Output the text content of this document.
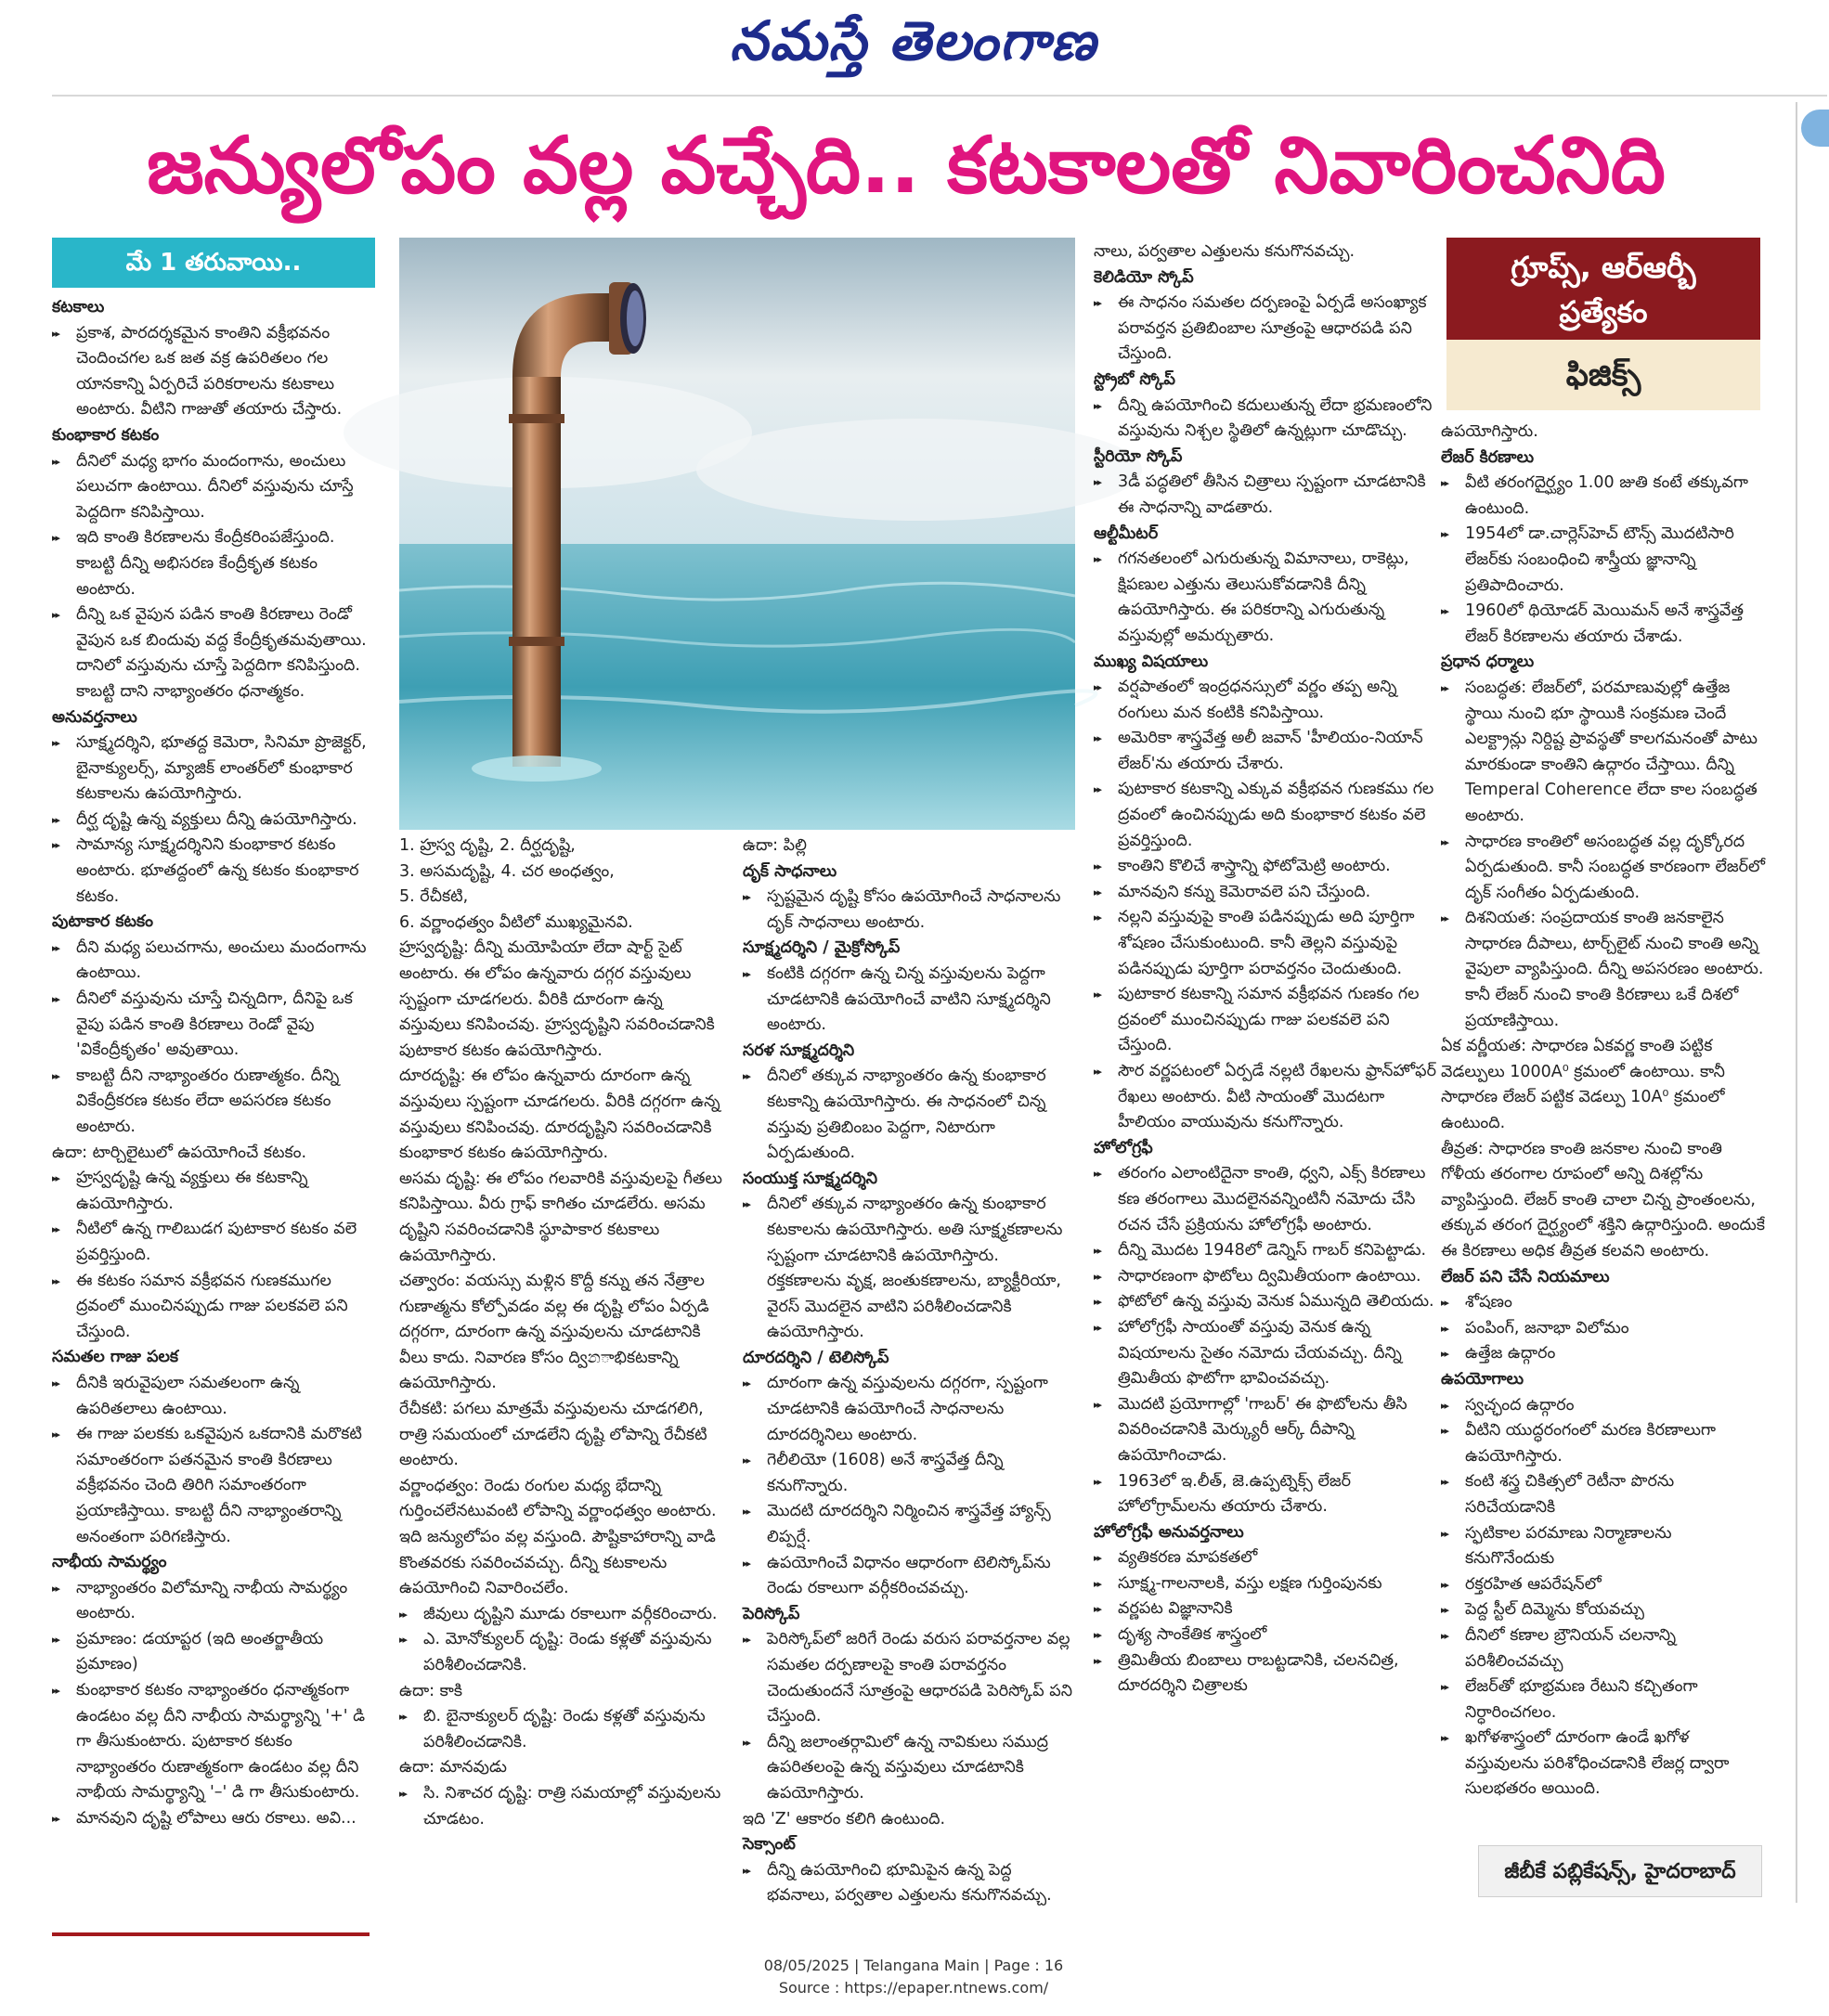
నమస్తే తెలంగాణ
జన్యులోపం వల్ల వచ్చేది.. కటకాలతో నివారించనిది
మే 1 తరువాయి..

కటకాలు

▸▸ ప్రకాశ, పారదర్శకమైన కాంతిని వక్రీభవనం చెందించగల ఒక జత వక్ర ఉపరితలం గల యానకాన్ని ఏర్పరిచే పరికరాలను కటకాలు అంటారు. వీటిని గాజుతో తయారు చేస్తారు.

కుంభాకార కటకం

▸▸ దీనిలో మధ్య భాగం మందంగాను, అంచులు పలుచగా ఉంటాయి. దీనిలో వస్తువును చూస్తే పెద్దదిగా కనిపిస్తాయి.

▸▸ ఇది కాంతి కిరణాలను కేంద్రీకరింపజేస్తుంది. కాబట్టి దీన్ని అభిసరణ కేంద్రీకృత కటకం అంటారు.

▸▸ దీన్ని ఒక వైపున పడిన కాంతి కిరణాలు రెండో వైపున ఒక బిందువు వద్ద కేంద్రీకృతమవుతాయి. దానిలో వస్తువును చూస్తే పెద్దదిగా కనిపిస్తుంది. కాబట్టి దాని నాభ్యాంతరం ధనాత్మకం.

అనువర్తనాలు

▸▸ సూక్ష్మదర్శిని, భూతద్ద కెమెరా, సినిమా ప్రొజెక్టర్, బైనాక్యులర్స్, మ్యాజిక్ లాంతర్‌లో కుంభాకార కటకాలను ఉపయోగిస్తారు.

▸▸ దీర్ఘ దృష్టి ఉన్న వ్యక్తులు దీన్ని ఉపయోగిస్తారు.

▸▸ సామాన్య సూక్ష్మదర్శినిని కుంభాకార కటకం అంటారు. భూతద్దంలో ఉన్న కటకం కుంభాకార కటకం.

పుటాకార కటకం

▸▸ దీని మధ్య పలుచగాను, అంచులు మందంగాను ఉంటాయి.

▸▸ దీనిలో వస్తువును చూస్తే చిన్నదిగా, దీనిపై ఒక వైపు పడిన కాంతి కిరణాలు రెండో వైపు 'వికేంద్రీకృతం' అవుతాయి.

▸▸ కాబట్టి దీని నాభ్యాంతరం రుణాత్మకం. దీన్ని వికేంద్రీకరణ కటకం లేదా అపసరణ కటకం అంటారు.

ఉదా: టార్చిలైటులో ఉపయోగించే కటకం.

▸▸ హ్రస్వదృష్టి ఉన్న వ్యక్తులు ఈ కటకాన్ని ఉపయోగిస్తారు.

▸▸ నీటిలో ఉన్న గాలిబుడగ పుటాకార కటకం వలె ప్రవర్తిస్తుంది.

▸▸ ఈ కటకం సమాన వక్రీభవన గుణకముగల ద్రవంలో ముంచినప్పుడు గాజు పలకవలె పని చేస్తుంది.

సమతల గాజు పలక

▸▸ దీనికి ఇరువైపులా సమతలంగా ఉన్న ఉపరితలాలు ఉంటాయి.

▸▸ ఈ గాజు పలకకు ఒకవైపున ఒకదానికి మరొకటి సమాంతరంగా పతనమైన కాంతి కిరణాలు వక్రీభవనం చెంది తిరిగి సమాంతరంగా ప్రయాణిస్తాయి. కాబట్టి దీని నాభ్యాంతరాన్ని అనంతంగా పరిగణిస్తారు.

నాభీయ సామర్థ్యం

▸▸ నాభ్యాంతరం విలోమాన్ని నాభీయ సామర్థ్యం అంటారు.

▸▸ ప్రమాణం: డయాప్టర (ఇది అంతర్జాతీయ ప్రమాణం)

▸▸ కుంభాకార కటకం నాభ్యాంతరం ధనాత్మకంగా ఉండటం వల్ల దీని నాభీయ సామర్థ్యాన్ని '+' డి గా తీసుకుంటారు. పుటాకార కటకం నాభ్యాంతరం రుణాత్మకంగా ఉండటం వల్ల దీని నాభీయ సామర్థ్యాన్ని '–' డి గా తీసుకుంటారు.

▸▸ మానవుని దృష్టి లోపాలు ఆరు రకాలు. అవి...

1. హ్రస్వ దృష్టి, 2. దీర్ఘదృష్టి,

3. అసమదృష్టి, 4. చర అంధత్వం,

5. రేచీకటి,

6. వర్ణాంధత్వం వీటిలో ముఖ్యమైనవి.

హ్రస్వదృష్టి: దీన్ని మయోపియా లేదా షార్ట్ సైట్ అంటారు. ఈ లోపం ఉన్నవారు దగ్గర వస్తువులు స్పష్టంగా చూడగలరు. వీరికి దూరంగా ఉన్న వస్తువులు కనిపించవు. హ్రస్వదృష్టిని సవరించడానికి పుటాకార కటకం ఉపయోగిస్తారు.

దూరదృష్టి: ఈ లోపం ఉన్నవారు దూరంగా ఉన్న వస్తువులు స్పష్టంగా చూడగలరు. వీరికి దగ్గరగా ఉన్న వస్తువులు కనిపించవు. దూరదృష్టిని సవరించడానికి కుంభాకార కటకం ఉపయోగిస్తారు.

అసమ దృష్టి: ఈ లోపం గలవారికి వస్తువులపై గీతలు కనిపిస్తాయి. వీరు గ్రాఫ్ కాగితం చూడలేరు. అసమ దృష్టిని సవరించడానికి స్థూపాకార కటకాలు ఉపయోగిస్తారు.

చత్వారం: వయస్సు మళ్లిన కొద్దీ కన్ను తన నేత్రాల గుణాత్మను కోల్పోవడం వల్ల ఈ దృష్టి లోపం ఏర్పడి దగ్గరగా, దూరంగా ఉన్న వస్తువులను చూడటానికి వీలు కాదు. నివారణ కోసం ద్విනాభికటకాన్ని ఉపయోగిస్తారు.

రేచీకటి: పగలు మాత్రమే వస్తువులను చూడగలిగి, రాత్రి సమయంలో చూడలేని దృష్టి లోపాన్ని రేచీకటి అంటారు.

వర్ణాంధత్వం: రెండు రంగుల మధ్య భేదాన్ని గుర్తించలేనటువంటి లోపాన్ని వర్ణాంధత్వం అంటారు. ఇది జన్యులోపం వల్ల వస్తుంది. పౌష్టికాహారాన్ని వాడి కొంతవరకు సవరించవచ్చు. దీన్ని కటకాలను ఉపయోగించి నివారించలేం.

▸▸ జీవులు దృష్టిని మూడు రకాలుగా వర్గీకరించారు.

▸▸ ఎ. మోనోక్యులర్ దృష్టి: రెండు కళ్లతో వస్తువును పరిశీలించడానికి.

ఉదా: కాకి

▸▸ బి. బైనాక్యులర్ దృష్టి: రెండు కళ్లతో వస్తువును పరిశీలించడానికి.

ఉదా: మానవుడు

▸▸ సి. నిశాచర దృష్టి: రాత్రి సమయాల్లో వస్తువులను చూడటం.

ఉదా: పిల్లి

దృక్ సాధనాలు

▸▸ స్పష్టమైన దృష్టి కోసం ఉపయోగించే సాధనాలను దృక్ సాధనాలు అంటారు.

సూక్ష్మదర్శిని / మైక్రోస్కోప్

▸▸ కంటికి దగ్గరగా ఉన్న చిన్న వస్తువులను పెద్దగా చూడటానికి ఉపయోగించే వాటిని సూక్ష్మదర్శిని అంటారు.

సరళ సూక్ష్మదర్శిని

▸▸ దీనిలో తక్కువ నాభ్యాంతరం ఉన్న కుంభాకార కటకాన్ని ఉపయోగిస్తారు. ఈ సాధనంలో చిన్న వస్తువు ప్రతిబింబం పెద్దగా, నిటారుగా ఏర్పడుతుంది.

సంయుక్త సూక్ష్మదర్శిని

▸▸ దీనిలో తక్కువ నాభ్యాంతరం ఉన్న కుంభాకార కటకాలను ఉపయోగిస్తారు. అతి సూక్ష్మకణాలను స్పష్టంగా చూడటానికి ఉపయోగిస్తారు. రక్తకణాలను వృక్ష, జంతుకణాలను, బ్యాక్టీరియా, వైరస్ మొదలైన వాటిని పరిశీలించడానికి ఉపయోగిస్తారు.

దూరదర్శిని / టెలిస్కోప్

▸▸ దూరంగా ఉన్న వస్తువులను దగ్గరగా, స్పష్టంగా చూడటానికి ఉపయోగించే సాధనాలను దూరదర్శినిలు అంటారు.

▸▸ గెలీలియో (1608) అనే శాస్త్రవేత్త దీన్ని కనుగొన్నారు.

▸▸ మొదటి దూరదర్శిని నిర్మించిన శాస్త్రవేత్త హ్యాన్స్ లిప్పర్షే.

▸▸ ఉపయోగించే విధానం ఆధారంగా టెలిస్కోప్‌ను రెండు రకాలుగా వర్గీకరించవచ్చు.

పెరిస్కోప్

▸▸ పెరిస్కోప్‌లో జరిగే రెండు వరుస పరావర్తనాల వల్ల సమతల దర్పణాలపై కాంతి పరావర్తనం చెందుతుందనే సూత్రంపై ఆధారపడి పెరిస్కోప్ పని చేస్తుంది.

▸▸ దీన్ని జలాంతర్గామిలో ఉన్న నావికులు సముద్ర ఉపరితలంపై ఉన్న వస్తువులు చూడటానికి ఉపయోగిస్తారు.

ఇది 'Z' ఆకారం కలిగి ఉంటుంది.

సెక్సాంట్

▸▸ దీన్ని ఉపయోగించి భూమిపైన ఉన్న పెద్ద భవనాలు, పర్వతాల ఎత్తులను కనుగొనవచ్చు.

నాలు, పర్వతాల ఎత్తులను కనుగొనవచ్చు.

కెలిడియో స్కోప్

▸▸ ఈ సాధనం సమతల దర్పణంపై ఏర్పడే అసంఖ్యాక పరావర్తన ప్రతిబింబాల సూత్రంపై ఆధారపడి పని చేస్తుంది.

స్ట్రోబో స్కోప్

▸▸ దీన్ని ఉపయోగించి కదులుతున్న లేదా భ్రమణంలోని వస్తువును నిశ్చల స్థితిలో ఉన్నట్లుగా చూడొచ్చు.

స్టీరియో స్కోప్

▸▸ 3డీ పద్ధతిలో తీసిన చిత్రాలు స్పష్టంగా చూడటానికి ఈ సాధనాన్ని వాడతారు.

ఆల్టీమీటర్

▸▸ గగనతలంలో ఎగురుతున్న విమానాలు, రాకెట్లు, క్షిపణుల ఎత్తును తెలుసుకోవడానికి దీన్ని ఉపయోగిస్తారు. ఈ పరికరాన్ని ఎగురుతున్న వస్తువుల్లో అమర్చుతారు.

ముఖ్య విషయాలు

▸▸ వర్షపాతంలో ఇంద్రధనస్సులో వర్ణం తప్ప అన్ని రంగులు మన కంటికి కనిపిస్తాయి.

▸▸ అమెరికా శాస్త్రవేత్త అలీ జవాన్ 'హీలియం-నియాన్ లేజర్'ను తయారు చేశారు.

▸▸ పుటాకార కటకాన్ని ఎక్కువ వక్రీభవన గుణకము గల ద్రవంలో ఉంచినప్పుడు అది కుంభాకార కటకం వలె ప్రవర్తిస్తుంది.

▸▸ కాంతిని కొలిచే శాస్త్రాన్ని ఫోటోమెట్రి అంటారు.

▸▸ మానవుని కన్ను కెమెరావలె పని చేస్తుంది.

▸▸ నల్లని వస్తువుపై కాంతి పడినప్పుడు అది పూర్తిగా శోషణం చేసుకుంటుంది. కానీ తెల్లని వస్తువుపై పడినప్పుడు పూర్తిగా పరావర్తనం చెందుతుంది.

▸▸ పుటాకార కటకాన్ని సమాన వక్రీభవన గుణకం గల ద్రవంలో ముంచినప్పుడు గాజు పలకవలె పని చేస్తుంది.

▸▸ సౌర వర్ణపటంలో ఏర్పడే నల్లటి రేఖలను ఫ్రాన్‌హోఫర్ రేఖలు అంటారు. వీటి సాయంతో మొదటగా హీలియం వాయువును కనుగొన్నారు.

హోలోగ్రఫీ

▸▸ తరంగం ఎలాంటిదైనా కాంతి, ధ్వని, ఎక్స్ కిరణాలు కణ తరంగాలు మొదలైనవన్నింటినీ నమోదు చేసి రచన చేసే ప్రక్రియను హోలోగ్రఫీ అంటారు.

▸▸ దీన్ని మొదట 1948లో డెన్నిస్ గాబర్ కనిపెట్టాడు.

▸▸ సాధారణంగా ఫొటోలు ద్విమితీయంగా ఉంటాయి.

▸▸ ఫోటోలో ఉన్న వస్తువు వెనుక ఏమున్నది తెలియదు.

▸▸ హోలోగ్రఫీ సాయంతో వస్తువు వెనుక ఉన్న విషయాలను సైతం నమోదు చేయవచ్చు. దీన్ని త్రిమితీయ ఫొటోగా భావించవచ్చు.

▸▸ మొదటి ప్రయోగాల్లో 'గాబర్' ఈ ఫొటోలను తీసి వివరించడానికి మెర్క్యురీ ఆర్క్ దీపాన్ని ఉపయోగించాడు.

▸▸ 1963లో ఇ.లీత్, జె.ఉప్పట్నెక్స్ లేజర్ హోలోగ్రామ్‌లను తయారు చేశారు.

హోలోగ్రఫీ అనువర్తనాలు

▸▸ వ్యతికరణ మాపకతలో

▸▸ సూక్ష్మ-గాలనాలకి, వస్తు లక్షణ గుర్తింపునకు

▸▸ వర్ణపట విజ్ఞానానికి

▸▸ దృశ్య సాంకేతిక శాస్త్రంలో

▸▸ త్రిమితీయ బింబాలు రాబట్టడానికి, చలనచిత్ర, దూరదర్శిని చిత్రాలకు

ఉపయోగిస్తారు.

లేజర్ కిరణాలు

▸▸ వీటి తరంగదైర్ఘ్యం 1.00 జుతి కంటే తక్కువగా ఉంటుంది.

▸▸ 1954లో డా.చార్లెస్‌హెచ్ టౌన్స్ మొదటిసారి లేజర్‌కు సంబంధించి శాస్త్రీయ జ్ఞానాన్ని ప్రతిపాదించారు.

▸▸ 1960లో థియోడర్ మెయిమన్ అనే శాస్త్రవేత్త లేజర్ కిరణాలను తయారు చేశాడు.

ప్రధాన ధర్మాలు

▸▸ సంబద్ధత: లేజర్‌లో, పరమాణువుల్లో ఉత్తేజ స్థాయి నుంచి భూ స్థాయికి సంక్రమణ చెందే ఎలక్ట్రాన్లు నిర్దిష్ట ప్రావస్థతో కాలగమనంతో పాటు మారకుండా కాంతిని ఉద్గారం చేస్తాయి. దీన్ని Temperal Coherence లేదా కాల సంబద్ధత అంటారు.

▸▸ సాధారణ కాంతిలో అసంబద్ధత వల్ల దృక్కోరద ఏర్పడుతుంది. కానీ సంబద్ధత కారణంగా లేజర్‌లో దృక్ సంగీతం ఏర్పడుతుంది.

▸▸ దిశనియత: సంప్రదాయక కాంతి జనకాలైన సాధారణ దీపాలు, టార్చ్‌లైట్ నుంచి కాంతి అన్ని వైపులా వ్యాపిస్తుంది. దీన్ని అపసరణం అంటారు. కానీ లేజర్ నుంచి కాంతి కిరణాలు ఒకే దిశలో ప్రయాణిస్తాయి.

ఏక వర్ణీయత: సాధారణ ఏకవర్ణ కాంతి పట్టిక వెడల్పులు 1000A⁰ క్రమంలో ఉంటాయి. కానీ సాధారణ లేజర్ పట్టిక వెడల్పు 10A⁰ క్రమంలో ఉంటుంది.

తీవ్రత: సాధారణ కాంతి జనకాల నుంచి కాంతి గోళీయ తరంగాల రూపంలో అన్ని దిశల్లోను వ్యాపిస్తుంది. లేజర్ కాంతి చాలా చిన్న ప్రాంతంలను, తక్కువ తరంగ దైర్ఘ్యంలో శక్తిని ఉద్గారిస్తుంది. అందుకే ఈ కిరణాలు అధిక తీవ్రత కలవని అంటారు.

లేజర్ పని చేసే నియమాలు

▸▸ శోషణం

▸▸ పంపింగ్, జనాభా విలోమం

▸▸ ఉత్తేజ ఉద్గారం

ఉపయోగాలు

▸▸ స్వచ్ఛంద ఉద్గారం

▸▸ వీటిని యుద్ధరంగంలో మరణ కిరణాలుగా ఉపయోగిస్తారు.

▸▸ కంటి శస్త్ర చికిత్సలో రెటీనా పొరను సరిచేయడానికి

▸▸ స్ఫటికాల పరమాణు నిర్మాణాలను కనుగొనేందుకు

▸▸ రక్తరహిత ఆపరేషన్‌లో

▸▸ పెద్ద స్టీల్ దిమ్మెను కోయవచ్చు

▸▸ దీనిలో కణాల బ్రౌనియన్ చలనాన్ని పరిశీలించవచ్చు

▸▸ లేజర్‌తో భూభ్రమణ రేటుని కచ్చితంగా నిర్ధారించగలం.

▸▸ ఖగోళశాస్త్రంలో దూరంగా ఉండే ఖగోళ వస్తువులను పరిశోధించడానికి లేజర్ల ద్వారా సులభతరం అయింది.

గ్రూప్స్, ఆర్ఆర్బీ
ప్రత్యేకం
ఫిజిక్స్
జీబీకే పబ్లికేషన్స్, హైదరాబాద్
08/05/2025 | Telangana Main | Page : 16
Source : https://epaper.ntnews.com/
